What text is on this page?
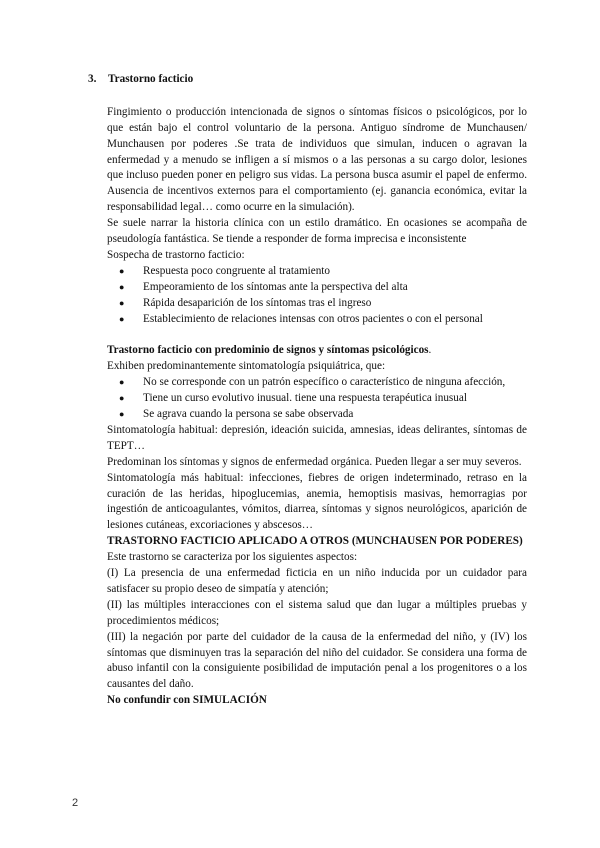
3. Trastorno facticio

Fingimiento o producción intencionada de signos o síntomas físicos o psicológicos, por lo que están bajo el control voluntario de la persona. Antiguo síndrome de Munchausen/ Munchausen por poderes .Se trata de individuos que simulan, inducen o agravan la enfermedad y a menudo se infligen a sí mismos o a las personas a su cargo dolor, lesiones que incluso pueden poner en peligro sus vidas. La persona busca asumir el papel de enfermo. Ausencia de incentivos externos para el comportamiento (ej. ganancia económica, evitar la responsabilidad legal… como ocurre en la simulación).

Se suele narrar la historia clínica con un estilo dramático. En ocasiones se acompaña de pseudología fantástica. Se tiende a responder de forma imprecisa e inconsistente

Sospecha de trastorno facticio:

● Respuesta poco congruente al tratamiento
● Empeoramiento de los síntomas ante la perspectiva del alta
● Rápida desaparición de los síntomas tras el ingreso
● Establecimiento de relaciones intensas con otros pacientes o con el personal

Trastorno facticio con predominio de signos y síntomas psicológicos.

Exhiben predominantemente sintomatología psiquiátrica, que:

● No se corresponde con un patrón específico o característico de ninguna afección,
● Tiene un curso evolutivo inusual. tiene una respuesta terapéutica inusual
● Se agrava cuando la persona se sabe observada

Sintomatología habitual: depresión, ideación suicida, amnesias, ideas delirantes, síntomas de TEPT…

Predominan los síntomas y signos de enfermedad orgánica. Pueden llegar a ser muy severos.

Sintomatología más habitual: infecciones, fiebres de origen indeterminado, retraso en la curación de las heridas, hipoglucemias, anemia, hemoptisis masivas, hemorragias por ingestión de anticoagulantes, vómitos, diarrea, síntomas y signos neurológicos, aparición de lesiones cutáneas, excoriaciones y abscesos…

TRASTORNO FACTICIO APLICADO A OTROS (MUNCHAUSEN POR PODERES)

Este trastorno se caracteriza por los siguientes aspectos:

(I) La presencia de una enfermedad ficticia en un niño inducida por un cuidador para satisfacer su propio deseo de simpatía y atención;

(II) las múltiples interacciones con el sistema salud que dan lugar a múltiples pruebas y procedimientos médicos;

(III) la negación por parte del cuidador de la causa de la enfermedad del niño, y (IV) los síntomas que disminuyen tras la separación del niño del cuidador. Se considera una forma de abuso infantil con la consiguiente posibilidad de imputación penal a los progenitores o a los causantes del daño.

No confundir con SIMULACIÓN

2
